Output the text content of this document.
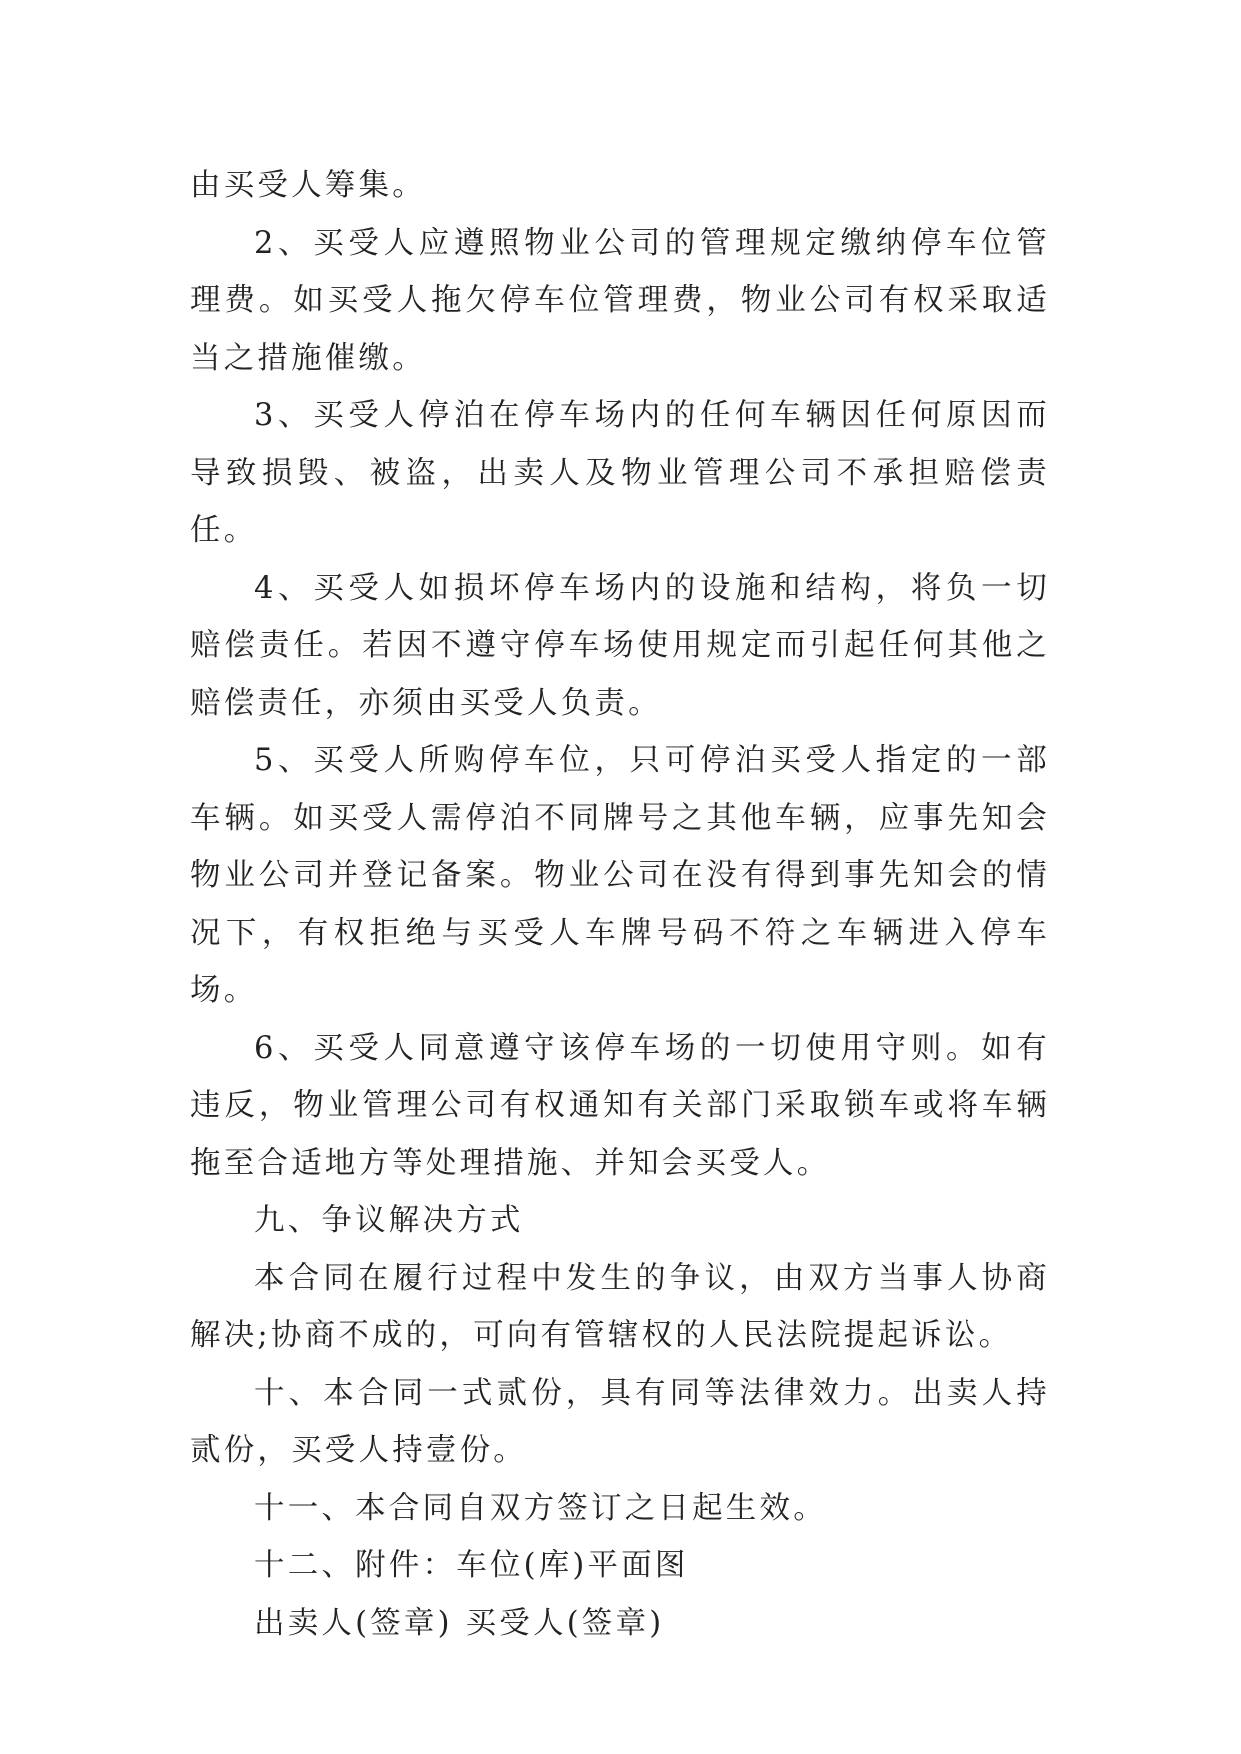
由买受人筹集。

2、买受人应遵照物业公司的管理规定缴纳停车位管理费。如买受人拖欠停车位管理费，物业公司有权采取适当之措施催缴。

3、买受人停泊在停车场内的任何车辆因任何原因而导致损毁、被盗，出卖人及物业管理公司不承担赔偿责任。

4、买受人如损坏停车场内的设施和结构，将负一切赔偿责任。若因不遵守停车场使用规定而引起任何其他之赔偿责任，亦须由买受人负责。

5、买受人所购停车位，只可停泊买受人指定的一部车辆。如买受人需停泊不同牌号之其他车辆，应事先知会物业公司并登记备案。物业公司在没有得到事先知会的情况下，有权拒绝与买受人车牌号码不符之车辆进入停车场。

6、买受人同意遵守该停车场的一切使用守则。如有违反，物业管理公司有权通知有关部门采取锁车或将车辆拖至合适地方等处理措施、并知会买受人。

九、争议解决方式

本合同在履行过程中发生的争议，由双方当事人协商解决;协商不成的，可向有管辖权的人民法院提起诉讼。

十、本合同一式贰份，具有同等法律效力。出卖人持贰份，买受人持壹份。

十一、本合同自双方签订之日起生效。

十二、附件：车位(库)平面图

出卖人(签章) 买受人(签章)
